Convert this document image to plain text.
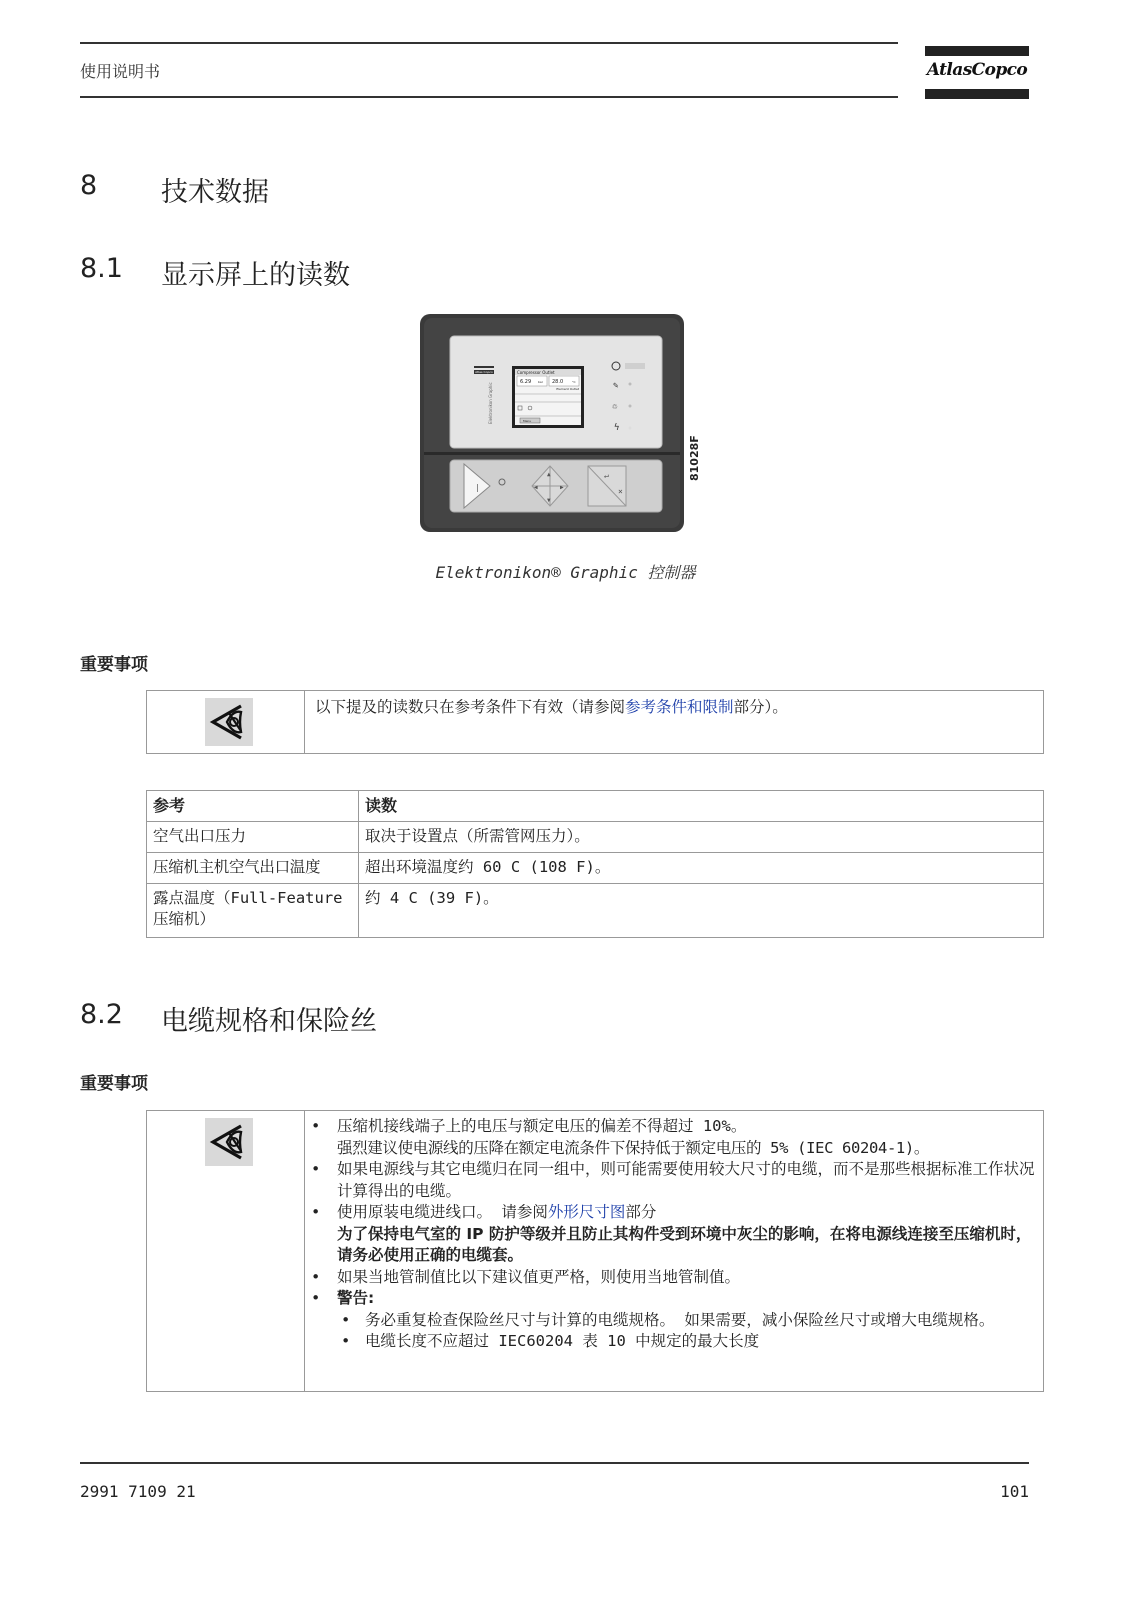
使用说明书	AtlasCopco
8 技术数据
8.1 显示屏上的读数
Atlas Copco
Elektronikon Graphic
Compressor Outlet
6.29 bar 28.0	°C
Element Outlet
Menu
✎
♲
ϟ
|
▲
▼
◀	▶
↵
×
81028F
Elektronikon® Graphic 控制器
重要事项
以下提及的读数只在参考条件下有效（请参阅参考条件和限制部分）。
参考	读数
空气出口压力	取决于设置点（所需管网压力）。
压缩机主机空气出口温度	超出环境温度约 60 C (108 F)。
露点温度（Full-Feature 压缩机）	约 4 C (39 F)。
8.2 电缆规格和保险丝
重要事项
• 压缩机接线端子上的电压与额定电压的偏差不得超过 10%。
强烈建议使电源线的压降在额定电流条件下保持低于额定电压的 5% (IEC 60204-1)。
• 如果电源线与其它电缆归在同一组中，则可能需要使用较大尺寸的电缆，而不是那些根据标准工作状况计算得出的电缆。
• 使用原装电缆进线口。 请参阅外形尺寸图部分
为了保持电气室的 IP 防护等级并且防止其构件受到环境中灰尘的影响，在将电源线连接至压缩机时，请务必使用正确的电缆套。
• 如果当地管制值比以下建议值更严格，则使用当地管制值。
• 警告:
• 务必重复检查保险丝尺寸与计算的电缆规格。 如果需要，减小保险丝尺寸或增大电缆规格。
• 电缆长度不应超过 IEC60204 表 10 中规定的最大长度
2991 7109 21	101
